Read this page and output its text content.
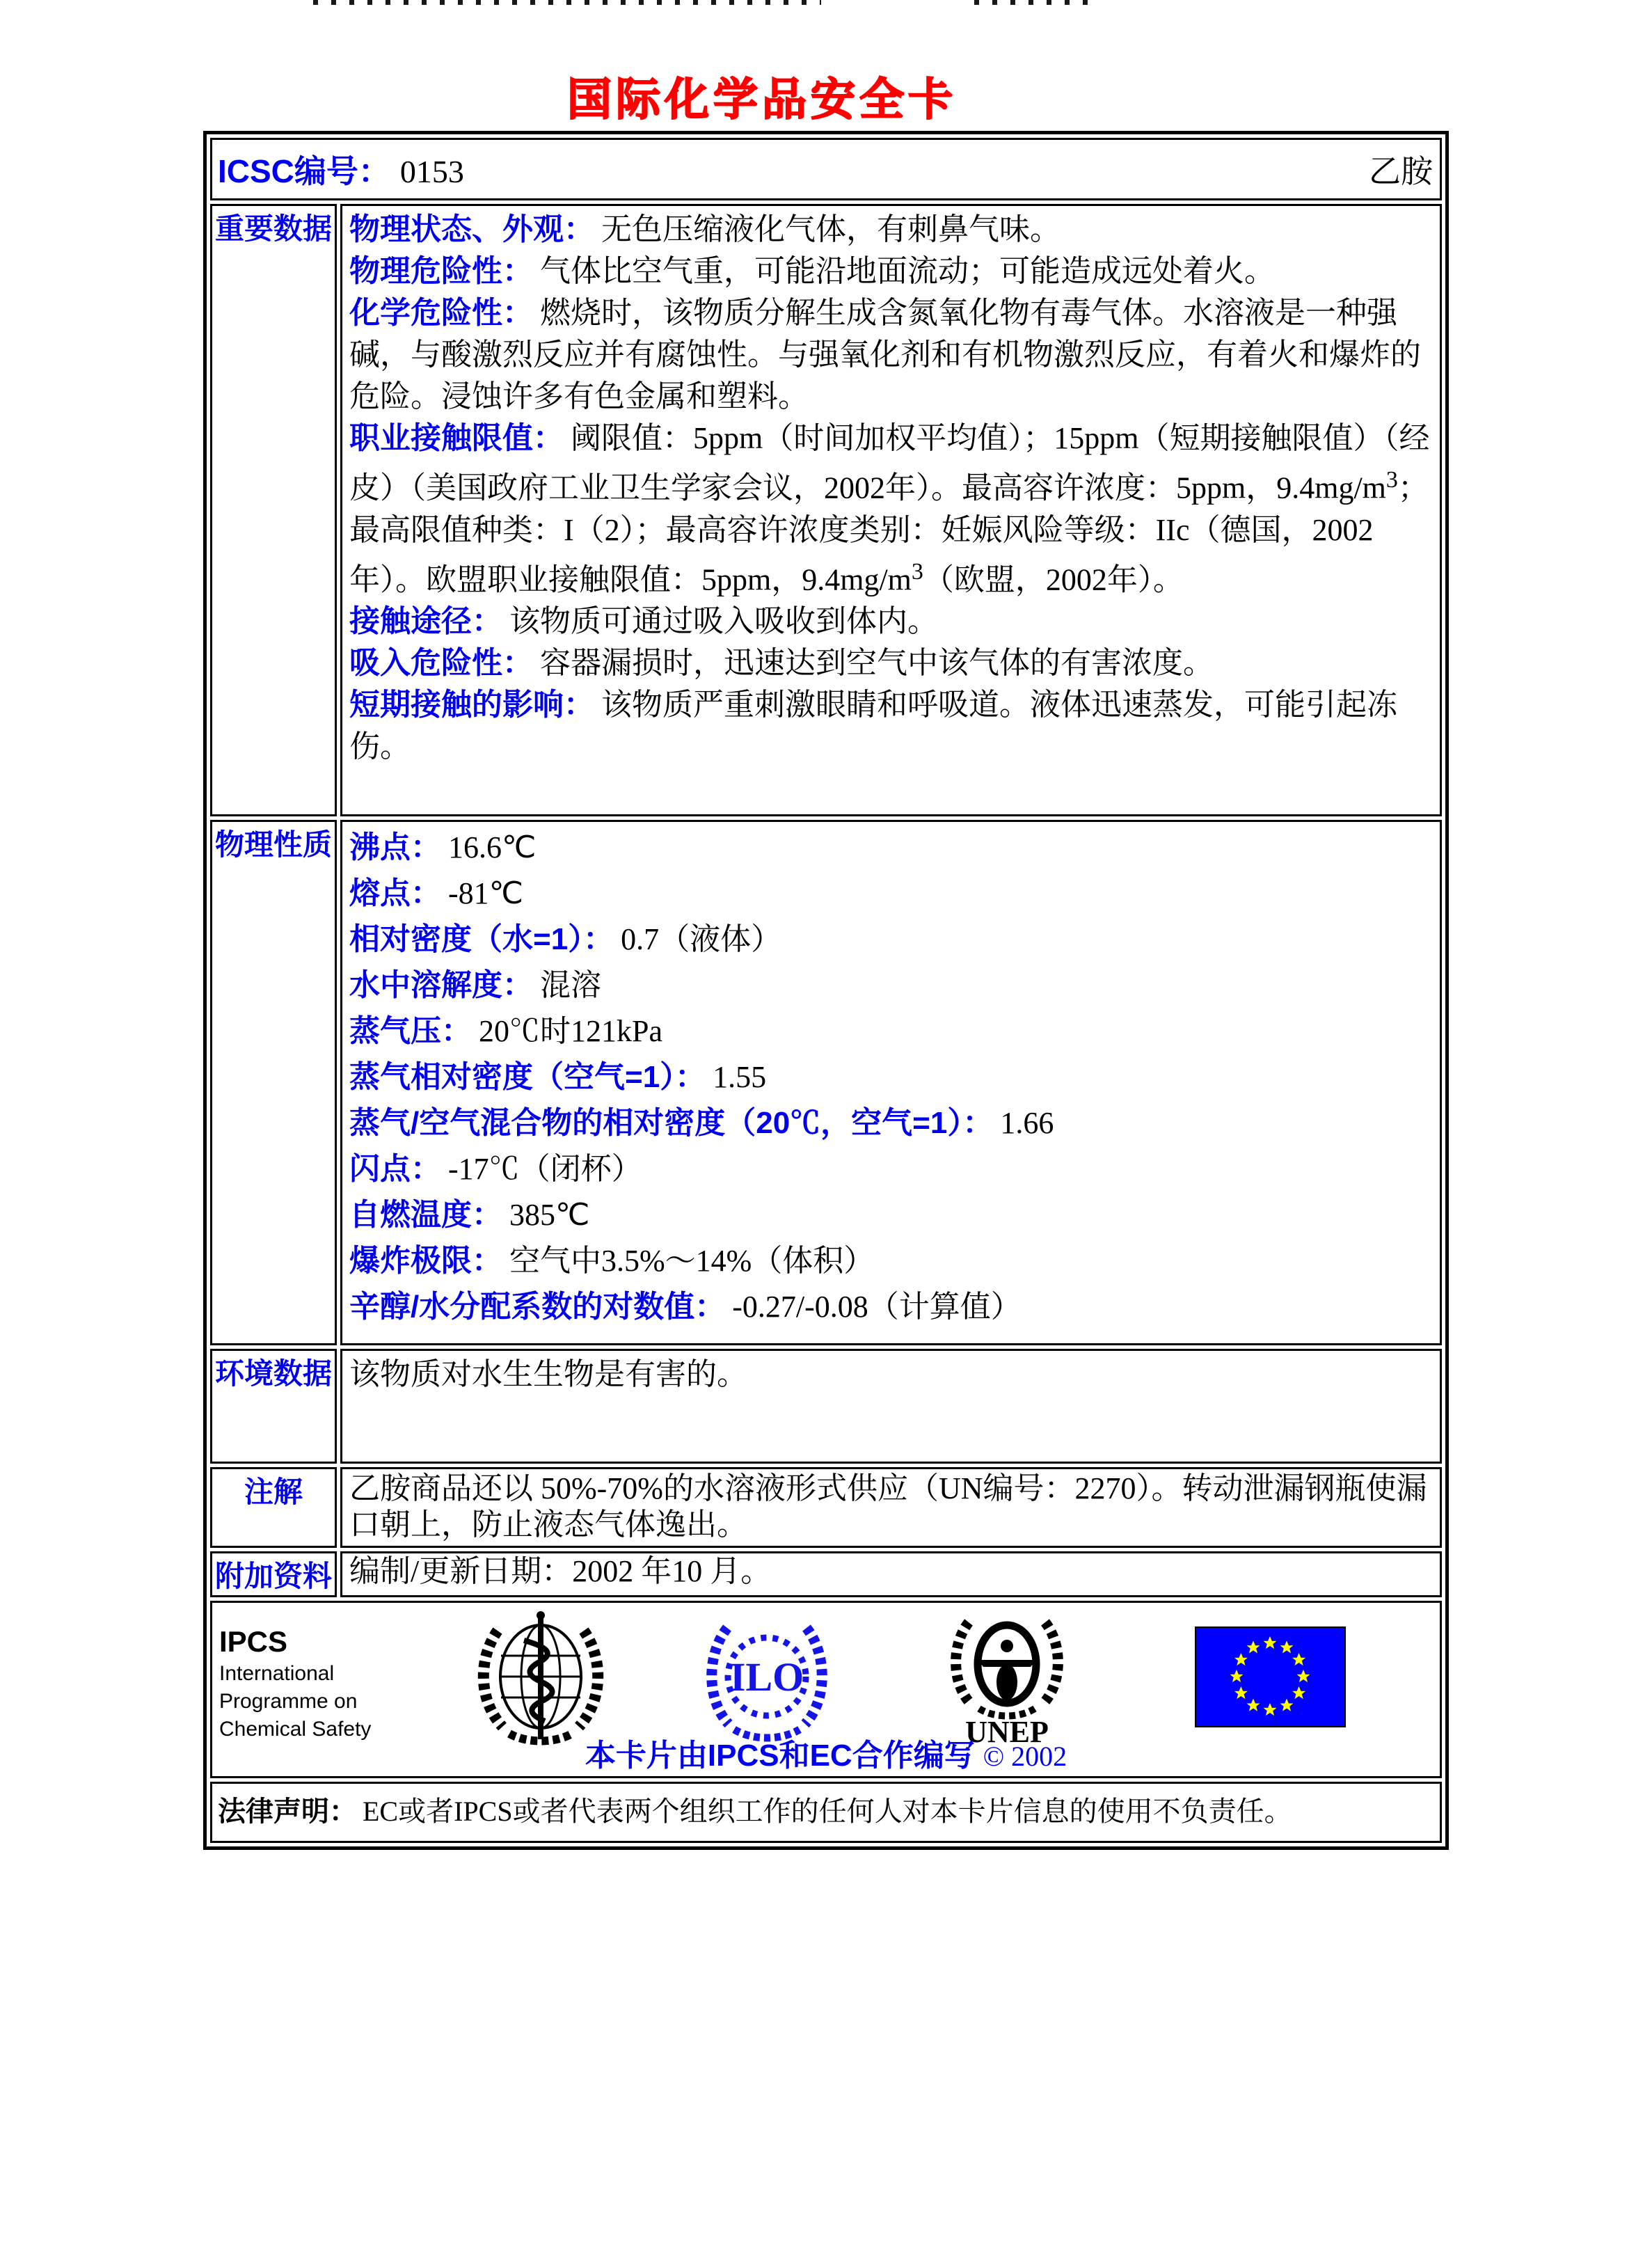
国际化学品安全卡
ICSC编号： 0153 乙胺	

重要数据	物理状态、外观： 无色压缩液化气体，有刺鼻气味。
物理危险性： 气体比空气重，可能沿地面流动；可能造成远处着火。
化学危险性： 燃烧时，该物质分解生成含氮氧化物有毒气体。水溶液是一种强碱，与酸激烈反应并有腐蚀性。与强氧化剂和有机物激烈反应，有着火和爆炸的危险。浸蚀许多有色金属和塑料。
职业接触限值： 阈限值：5ppm（时间加权平均值）；15ppm（短期接触限值）（经皮）（美国政府工业卫生学家会议，2002年）。最高容许浓度：5ppm，$9.4mg/m^3$；最高限值种类：I（2）；最高容许浓度类别：妊娠风险等级：IIc（德国，2002年）。欧盟职业接触限值：5ppm，$9.4mg/m^3$（欧盟，2002年）。
接触途径： 该物质可通过吸入吸收到体内。
吸入危险性： 容器漏损时，迅速达到空气中该气体的有害浓度。
短期接触的影响： 该物质严重刺激眼睛和呼吸道。液体迅速蒸发，可能引起冻伤。

物理性质	沸点： 16.6℃
熔点： -81℃
相对密度（水=1）： 0.7（液体）
水中溶解度： 混溶
蒸气压： 20℃时121kPa
蒸气相对密度（空气=1）： 1.55
蒸气/空气混合物的相对密度（20℃，空气=1）： 1.66
闪点： -17℃（闭杯）
自燃温度： 385℃
爆炸极限： 空气中3.5%～14%（体积）
辛醇/水分配系数的对数值： -0.27/-0.08（计算值）

环境数据	该物质对水生生物是有害的。

注解	乙胺商品还以 50%-70%的水溶液形式供应（UN编号：2270）。转动泄漏钢瓶使漏口朝上，防止液态气体逸出。

附加资料	编制/更新日期：2002 年10 月。

IPCS
International
Programme on
Chemical Safety
ILO
UNEP
本卡片由IPCS和EC合作编写 © 2002

法律声明： EC或者IPCS或者代表两个组织工作的任何人对本卡片信息的使用不负责任。	
